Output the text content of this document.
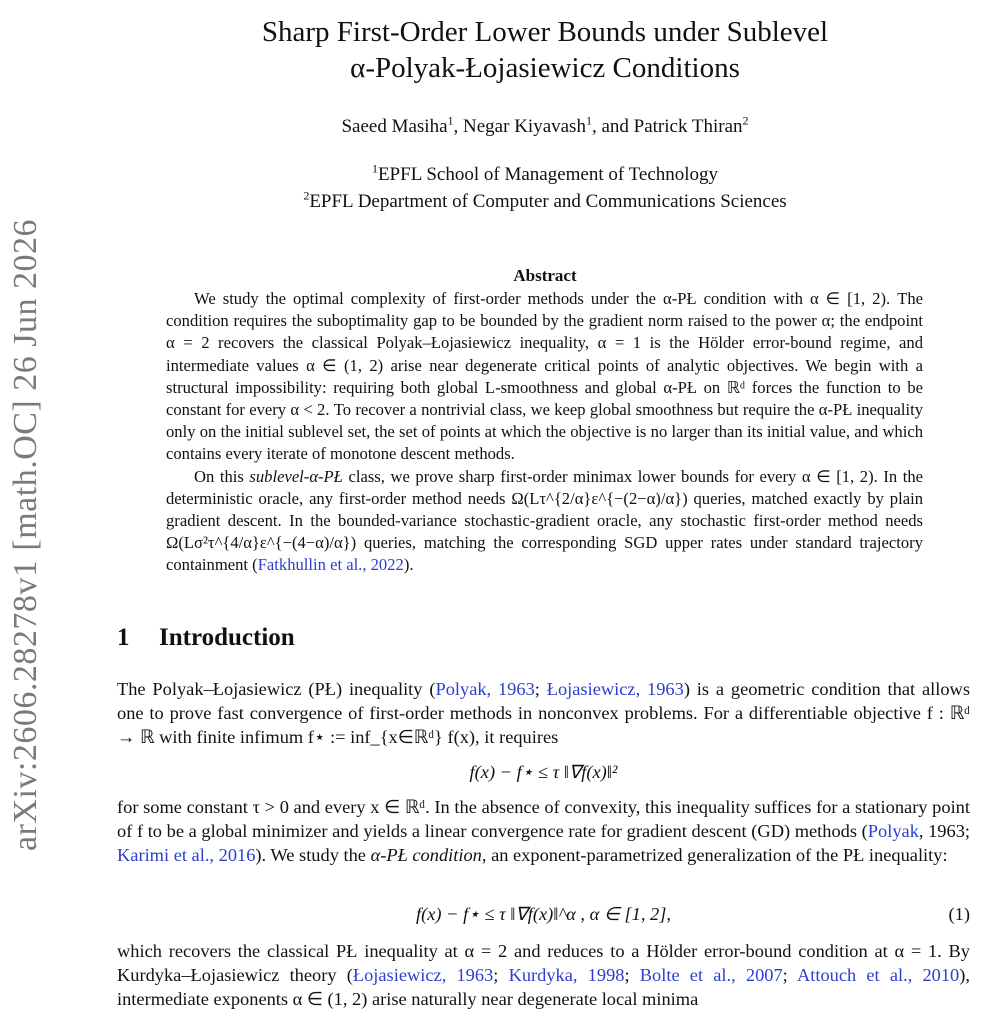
arXiv:2606.28278v1 [math.OC] 26 Jun 2026
Sharp First-Order Lower Bounds under Sublevel
α-Polyak-Łojasiewicz Conditions
Saeed Masiha$^1$, Negar Kiyavash$^1$, and Patrick Thiran$^2$
$^1$EPFL School of Management of Technology
$^2$EPFL Department of Computer and Communications Sciences
Abstract

We study the optimal complexity of first-order methods under the α-PŁ condition with α ∈ [1, 2). The condition requires the suboptimality gap to be bounded by the gradient norm raised to the power α; the endpoint α = 2 recovers the classical Polyak–Łojasiewicz inequality, α = 1 is the Hölder error-bound regime, and intermediate values α ∈ (1, 2) arise near degenerate critical points of analytic objectives. We begin with a structural impossibility: requiring both global L-smoothness and global α-PŁ on ℝᵈ forces the function to be constant for every α < 2. To recover a nontrivial class, we keep global smoothness but require the α-PŁ inequality only on the initial sublevel set, the set of points at which the objective is no larger than its initial value, and which contains every iterate of monotone descent methods.

On this sublevel-α-PŁ class, we prove sharp first-order minimax lower bounds for every α ∈ [1, 2). In the deterministic oracle, any first-order method needs Ω(Lτ^{2/α}ε^{−(2−α)/α}) queries, matched exactly by plain gradient descent. In the bounded-variance stochastic-gradient oracle, any stochastic first-order method needs Ω(Lσ²τ^{4/α}ε^{−(4−α)/α}) queries, matching the corresponding SGD upper rates under standard trajectory containment (Fatkhullin et al., 2022).

1 Introduction

The Polyak–Łojasiewicz (PŁ) inequality (Polyak, 1963; Łojasiewicz, 1963) is a geometric condition that allows one to prove fast convergence of first-order methods in nonconvex problems. For a differentiable objective f : ℝᵈ → ℝ with finite infimum f⋆ := inf_{x∈ℝᵈ} f(x), it requires

f(x) − f⋆ ≤ τ ‖∇f(x)‖²

for some constant τ > 0 and every x ∈ ℝᵈ. In the absence of convexity, this inequality suffices for a stationary point of f to be a global minimizer and yields a linear convergence rate for gradient descent (GD) methods (Polyak, 1963; Karimi et al., 2016). We study the α-PŁ condition, an exponent-parametrized generalization of the PŁ inequality:

f(x) − f⋆ ≤ τ ‖∇f(x)‖^α , α ∈ [1, 2],	(1)

which recovers the classical PŁ inequality at α = 2 and reduces to a Hölder error-bound condition at α = 1. By Kurdyka–Łojasiewicz theory (Łojasiewicz, 1963; Kurdyka, 1998; Bolte et al., 2007; Attouch et al., 2010), intermediate exponents α ∈ (1, 2) arise naturally near degenerate local minima
